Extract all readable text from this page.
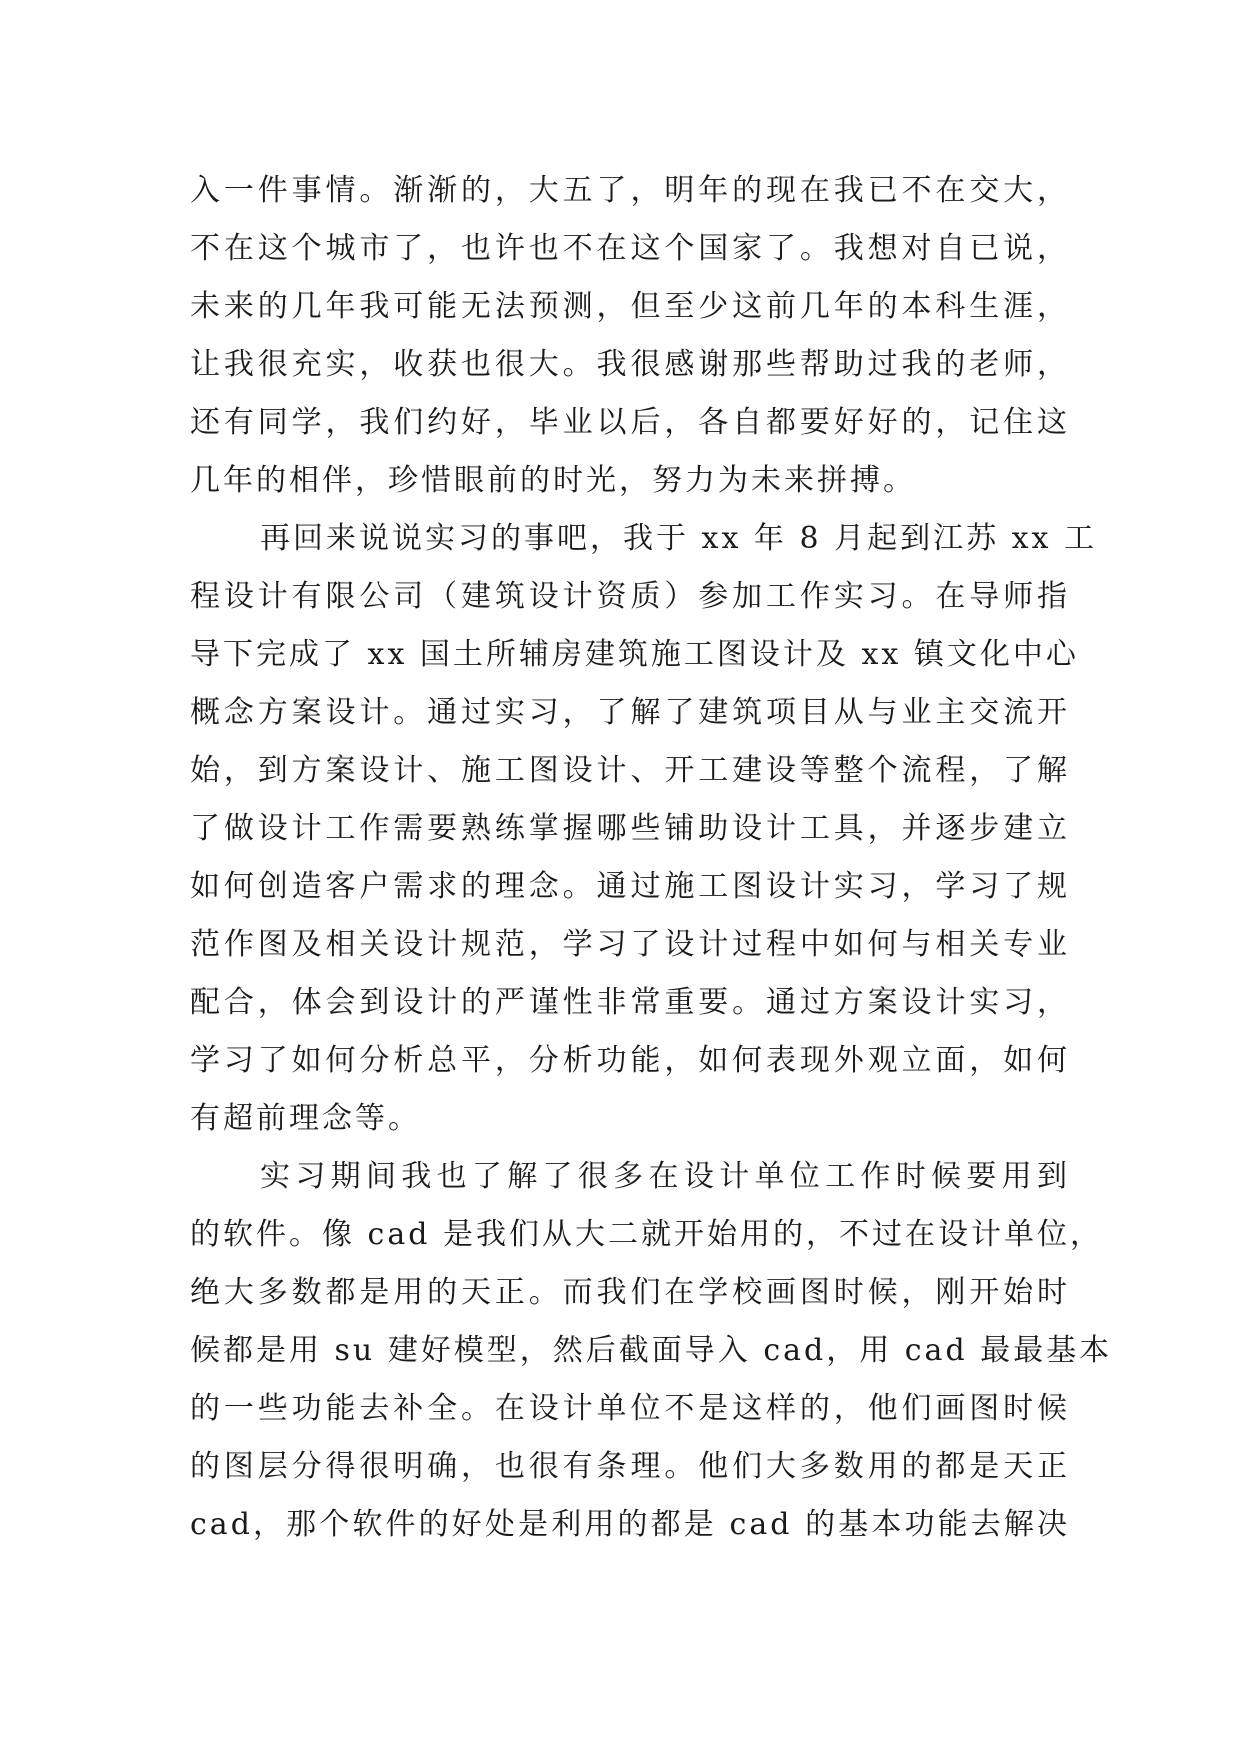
入一件事情。渐渐的，大五了，明年的现在我已不在交大，
不在这个城市了，也许也不在这个国家了。我想对自已说，
未来的几年我可能无法预测，但至少这前几年的本科生涯，
让我很充实，收获也很大。我很感谢那些帮助过我的老师，
还有同学，我们约好，毕业以后，各自都要好好的，记住这
几年的相伴，珍惜眼前的时光，努力为未来拼搏。
再回来说说实习的事吧，我于 xx 年 8 月起到江苏 xx 工
程设计有限公司（建筑设计资质）参加工作实习。在导师指
导下完成了 xx 国土所辅房建筑施工图设计及 xx 镇文化中心
概念方案设计。通过实习，了解了建筑项目从与业主交流开
始，到方案设计、施工图设计、开工建设等整个流程，了解
了做设计工作需要熟练掌握哪些铺助设计工具，并逐步建立
如何创造客户需求的理念。通过施工图设计实习，学习了规
范作图及相关设计规范，学习了设计过程中如何与相关专业
配合，体会到设计的严谨性非常重要。通过方案设计实习，
学习了如何分析总平，分析功能，如何表现外观立面，如何
有超前理念等。
实习期间我也了解了很多在设计单位工作时候要用到
的软件。像 cad 是我们从大二就开始用的，不过在设计单位，
绝大多数都是用的天正。而我们在学校画图时候，刚开始时
候都是用 su 建好模型，然后截面导入 cad，用 cad 最最基本
的一些功能去补全。在设计单位不是这样的，他们画图时候
的图层分得很明确，也很有条理。他们大多数用的都是天正
cad，那个软件的好处是利用的都是 cad 的基本功能去解决
